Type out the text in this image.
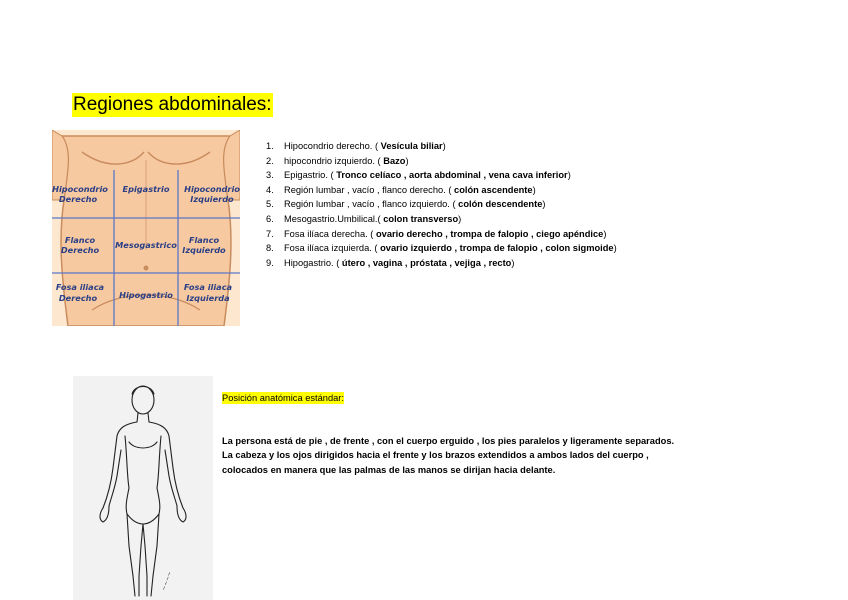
Regiones abdominales:
Hipocondrio
Derecho
Epigastrio Hipocondrio
Izquierdo
Flanco
Derecho Mesogastrico Flanco
Izquierdo
Fosa iliaca
Derecho	Hipogastrio
Fosa iliaca
Izquierda
1. Hipocondrio derecho. ( Vesícula biliar)
2. hipocondrio izquierdo. ( Bazo)
3. Epigastrio. ( Tronco celíaco , aorta abdominal , vena cava inferior)
4. Región lumbar , vacío , flanco derecho. ( colón ascendente)
5. Región lumbar , vacío , flanco izquierdo. ( colón descendente)
6. Mesogastrio.Umbilical.( colon transverso)
7. Fosa ilíaca derecha. ( ovario derecho , trompa de falopio , ciego apéndice)
8. Fosa ilíaca izquierda. ( ovario izquierdo , trompa de falopio , colon sigmoide)
9. Hipogastrio. ( útero , vagina , próstata , vejiga , recto)
~~~~
Posición anatómica estándar:
La persona está de pie , de frente , con el cuerpo erguido , los pies paralelos y ligeramente separados.
La cabeza y los ojos dirigidos hacia el frente y los brazos extendidos a ambos lados del cuerpo ,
colocados en manera que las palmas de las manos se dirijan hacia delante.
